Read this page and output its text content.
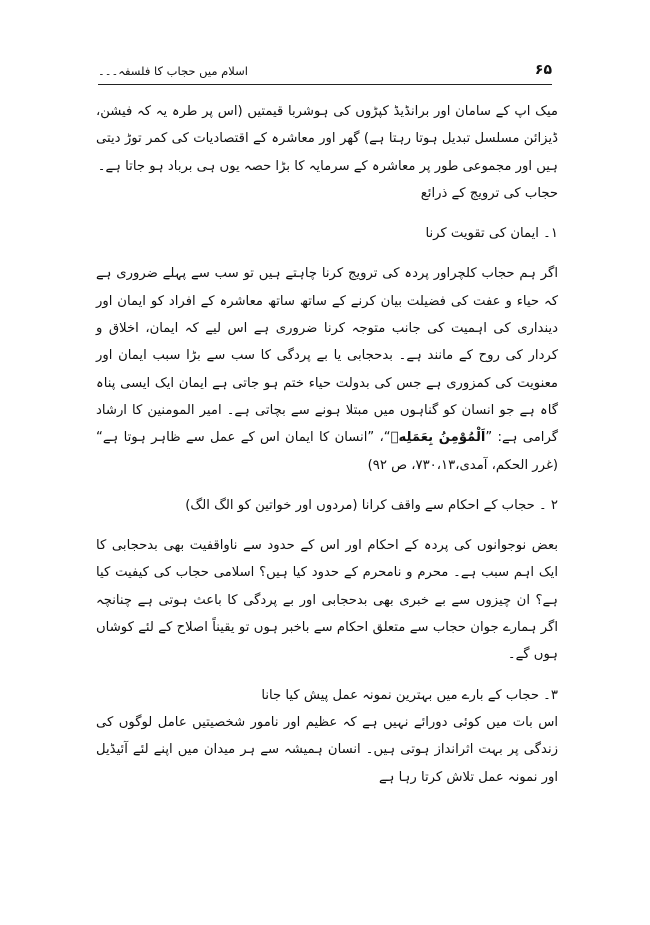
۶۵
اسلام میں حجاب کا فلسفہ۔۔۔

میک اپ کے سامان اور برانڈیڈ کپڑوں کی ہوشربا قیمتیں (اس پر طرہ یہ کہ فیشن، ڈیزائن مسلسل تبدیل ہوتا رہتا ہے) گھر اور معاشرہ کے اقتصادیات کی کمر توڑ دیتی ہیں اور مجموعی طور پر معاشرہ کے سرمایہ کا بڑا حصہ یوں ہی برباد ہو جاتا ہے۔

حجاب کی ترویج کے ذرائع

۱۔ ایمان کی تقویت کرنا

اگر ہم حجاب کلچراور پردہ کی ترویج کرنا چاہتے ہیں تو سب سے پہلے ضروری ہے کہ حیاء و عفت کی فضیلت بیان کرنے کے ساتھ ساتھ معاشرہ کے افراد کو ایمان اور دینداری کی اہمیت کی جانب متوجہ کرنا ضروری ہے اس لیے کہ ایمان، اخلاق و کردار کی روح کے مانند ہے۔ بدحجابی یا بے پردگی کا سب سے بڑا سبب ایمان اور معنویت کی کمزوری ہے جس کی بدولت حیاء ختم ہو جاتی ہے ایمان ایک ایسی پناہ گاہ ہے جو انسان کو گناہوں میں مبتلا ہونے سے بچاتی ہے۔ امیر المومنین کا ارشاد گرامی ہے: ”اَلْمُوْمِنُ بِعَمَلِهٖ“، ”انسان کا ایمان اس کے عمل سے ظاہر ہوتا ہے“ (غرر الحکم، آمدی،۷۳۰،۱۳، ص ۹۲)

۲ ۔ حجاب کے احکام سے واقف کرانا (مردوں اور خواتین کو الگ الگ)

بعض نوجوانوں کی پردہ کے احکام اور اس کے حدود سے ناواقفیت بھی بدحجابی کا ایک اہم سبب ہے۔ محرم و نامحرم کے حدود کیا ہیں؟ اسلامی حجاب کی کیفیت کیا ہے؟ ان چیزوں سے بے خبری بھی بدحجابی اور بے پردگی کا باعث ہوتی ہے چنانچہ اگر ہمارے جوان حجاب سے متعلق احکام سے باخبر ہوں تو یقیناً اصلاح کے لئے کوشاں ہوں گے۔

۳۔ حجاب کے بارے میں بہترین نمونہ عمل پیش کیا جانا

اس بات میں کوئی دورائے نہیں ہے کہ عظیم اور نامور شخصیتیں عامل لوگوں کی زندگی پر بہت اثرانداز ہوتی ہیں۔ انسان ہمیشہ سے ہر میدان میں اپنے لئے آئیڈیل اور نمونہ عمل تلاش کرتا رہا ہے
